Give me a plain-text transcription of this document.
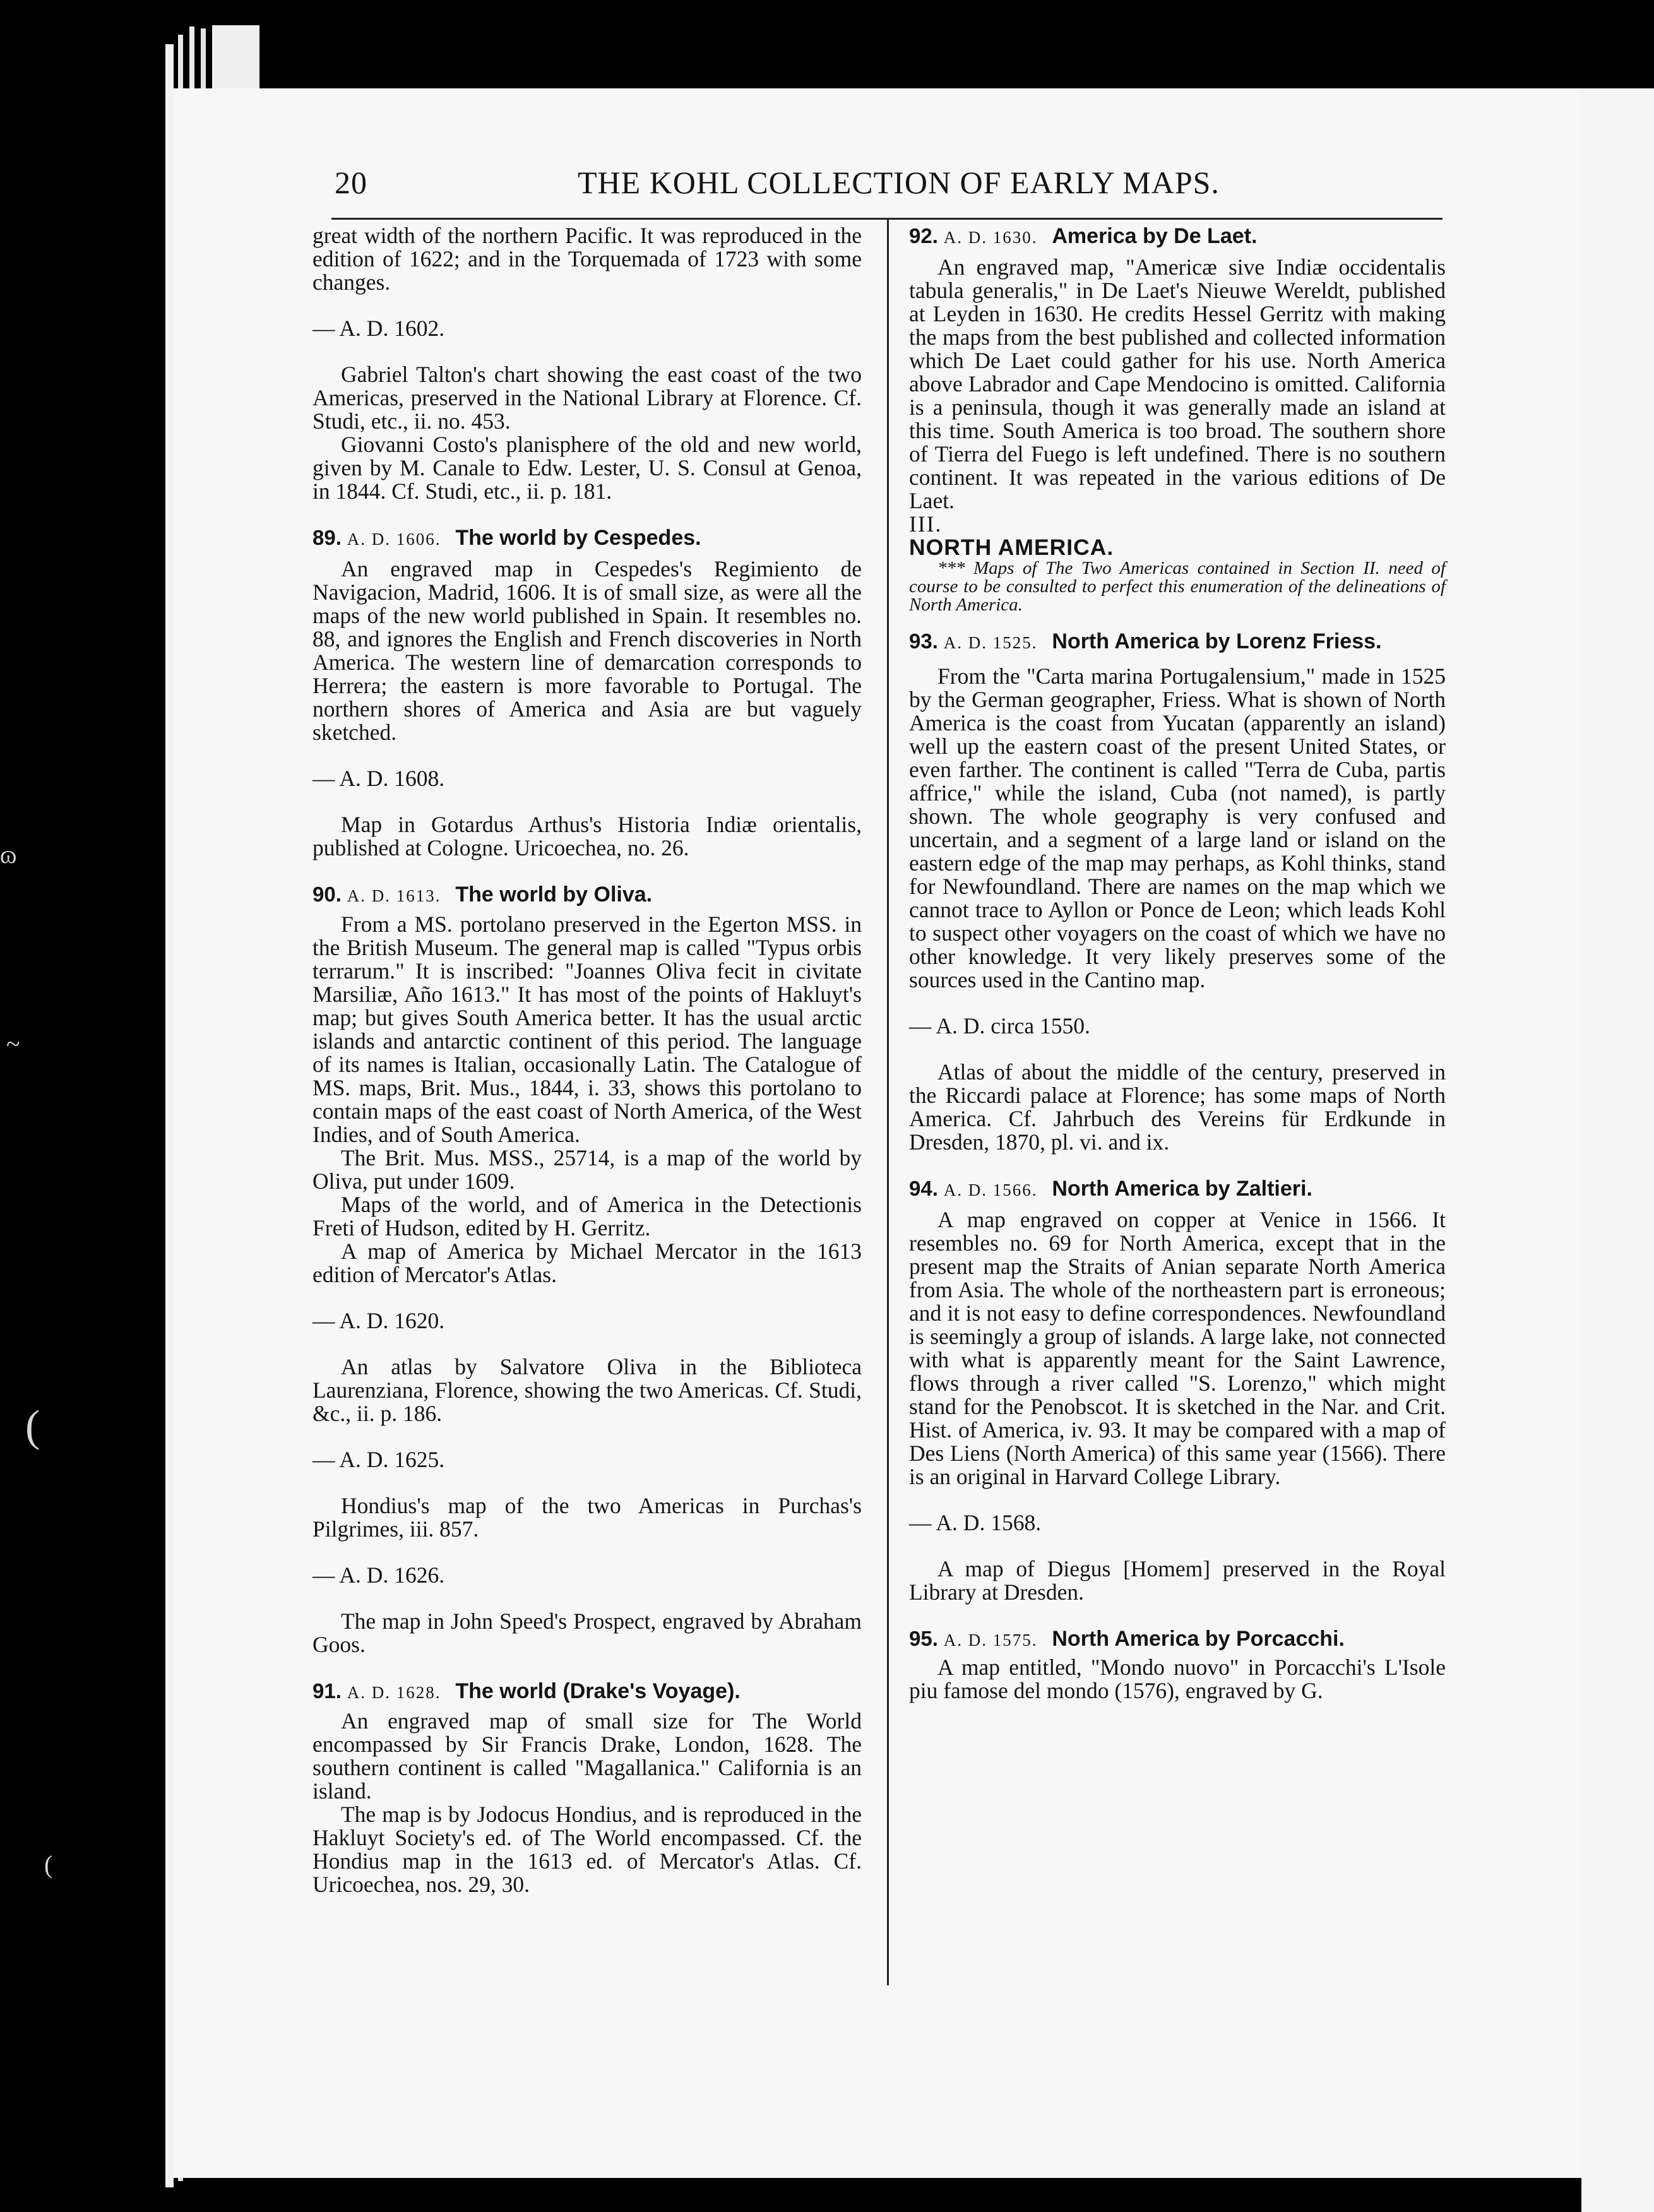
ɷ
~
(
(
20	THE KOHL COLLECTION OF EARLY MAPS.

great width of the northern Pacific. It was reproduced in the edition of 1622; and in the Torquemada of 1723 with some changes.

— A. D. 1602.

Gabriel Talton's chart showing the east coast of the two Americas, preserved in the National Library at Florence. Cf. Studi, etc., ii. no. 453.

Giovanni Costo's planisphere of the old and new world, given by M. Canale to Edw. Lester, U. S. Consul at Genoa, in 1844. Cf. Studi, etc., ii. p. 181.

89. A. D. 1606. The world by Cespedes.

An engraved map in Cespedes's Regimiento de Navigacion, Madrid, 1606. It is of small size, as were all the maps of the new world published in Spain. It resembles no. 88, and ignores the English and French discoveries in North America. The western line of demarcation corresponds to Herrera; the eastern is more favorable to Portugal. The northern shores of America and Asia are but vaguely sketched.

— A. D. 1608.

Map in Gotardus Arthus's Historia Indiæ orientalis, published at Cologne. Uricoechea, no. 26.

90. A. D. 1613. The world by Oliva.

From a MS. portolano preserved in the Egerton MSS. in the British Museum. The general map is called "Typus orbis terrarum." It is inscribed: "Joannes Oliva fecit in civitate Marsiliæ, Año 1613." It has most of the points of Hakluyt's map; but gives South America better. It has the usual arctic islands and antarctic continent of this period. The language of its names is Italian, occasionally Latin. The Catalogue of MS. maps, Brit. Mus., 1844, i. 33, shows this portolano to contain maps of the east coast of North America, of the West Indies, and of South America.

The Brit. Mus. MSS., 25714, is a map of the world by Oliva, put under 1609.

Maps of the world, and of America in the Detectionis Freti of Hudson, edited by H. Gerritz.

A map of America by Michael Mercator in the 1613 edition of Mercator's Atlas.

— A. D. 1620.

An atlas by Salvatore Oliva in the Biblioteca Laurenziana, Florence, showing the two Americas. Cf. Studi, &c., ii. p. 186.

— A. D. 1625.

Hondius's map of the two Americas in Purchas's Pilgrimes, iii. 857.

— A. D. 1626.

The map in John Speed's Prospect, engraved by Abraham Goos.

91. A. D. 1628. The world (Drake's Voyage).

An engraved map of small size for The World encompassed by Sir Francis Drake, London, 1628. The southern continent is called "Magallanica." California is an island.

The map is by Jodocus Hondius, and is reproduced in the Hakluyt Society's ed. of The World encompassed. Cf. the Hondius map in the 1613 ed. of Mercator's Atlas. Cf. Uricoechea, nos. 29, 30.

92. A. D. 1630. America by De Laet.

An engraved map, "Americæ sive Indiæ occidentalis tabula generalis," in De Laet's Nieuwe Wereldt, published at Leyden in 1630. He credits Hessel Gerritz with making the maps from the best published and collected information which De Laet could gather for his use. North America above Labrador and Cape Mendocino is omitted. California is a peninsula, though it was generally made an island at this time. South America is too broad. The southern shore of Tierra del Fuego is left undefined. There is no southern continent. It was repeated in the various editions of De Laet.

III.

NORTH AMERICA.

*** Maps of The Two Americas contained in Section II. need of course to be consulted to perfect this enumeration of the delineations of North America.

93. A. D. 1525. North America by Lorenz Friess.

From the "Carta marina Portugalensium," made in 1525 by the German geographer, Friess. What is shown of North America is the coast from Yucatan (apparently an island) well up the eastern coast of the present United States, or even farther. The continent is called "Terra de Cuba, partis affrice," while the island, Cuba (not named), is partly shown. The whole geography is very confused and uncertain, and a segment of a large land or island on the eastern edge of the map may perhaps, as Kohl thinks, stand for Newfoundland. There are names on the map which we cannot trace to Ayllon or Ponce de Leon; which leads Kohl to suspect other voyagers on the coast of which we have no other knowledge. It very likely preserves some of the sources used in the Cantino map.

— A. D. circa 1550.

Atlas of about the middle of the century, preserved in the Riccardi palace at Florence; has some maps of North America. Cf. Jahrbuch des Vereins für Erdkunde in Dresden, 1870, pl. vi. and ix.

94. A. D. 1566. North America by Zaltieri.

A map engraved on copper at Venice in 1566. It resembles no. 69 for North America, except that in the present map the Straits of Anian separate North America from Asia. The whole of the northeastern part is erroneous; and it is not easy to define correspondences. Newfoundland is seemingly a group of islands. A large lake, not connected with what is apparently meant for the Saint Lawrence, flows through a river called "S. Lorenzo," which might stand for the Penobscot. It is sketched in the Nar. and Crit. Hist. of America, iv. 93. It may be compared with a map of Des Liens (North America) of this same year (1566). There is an original in Harvard College Library.

— A. D. 1568.

A map of Diegus [Homem] preserved in the Royal Library at Dresden.

95. A. D. 1575. North America by Porcacchi.

A map entitled, "Mondo nuovo" in Porcacchi's L'Isole piu famose del mondo (1576), engraved by G.
